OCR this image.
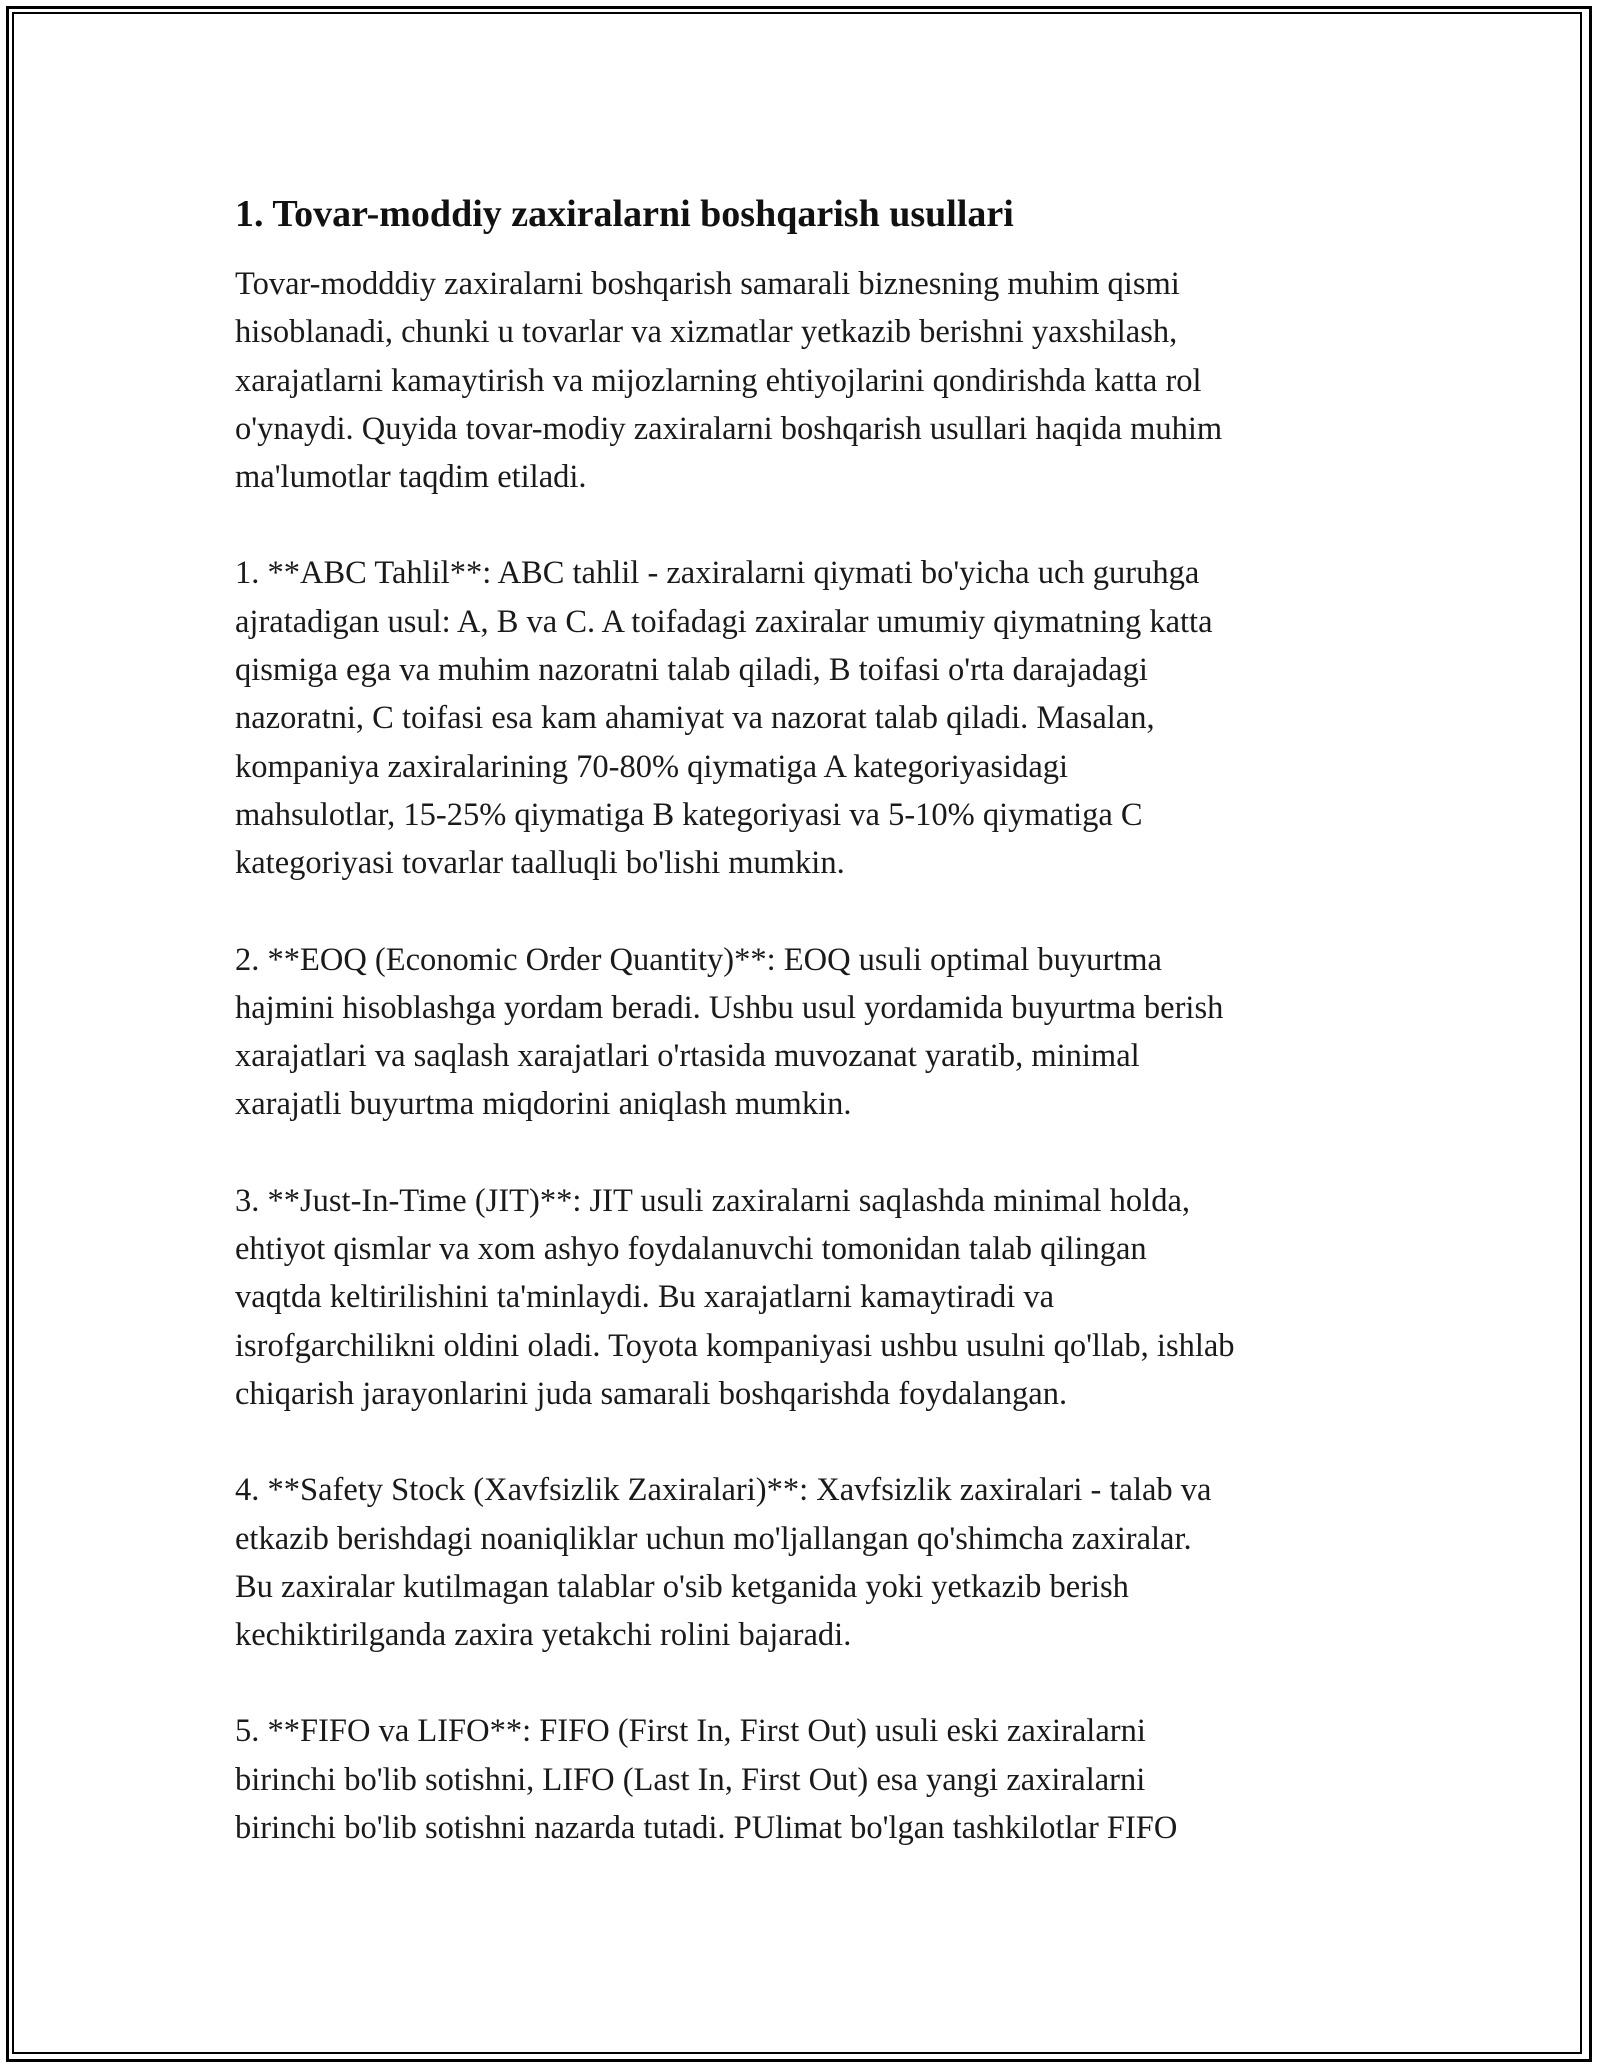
1. Tovar-moddiy zaxiralarni boshqarish usullari
Tovar-modddiy zaxiralarni boshqarish samarali biznesning muhim qismi
hisoblanadi, chunki u tovarlar va xizmatlar yetkazib berishni yaxshilash,
xarajatlarni kamaytirish va mijozlarning ehtiyojlarini qondirishda katta rol
o'ynaydi. Quyida tovar-modiy zaxiralarni boshqarish usullari haqida muhim
ma'lumotlar taqdim etiladi.
1. **ABC Tahlil**: ABC tahlil - zaxiralarni qiymati bo'yicha uch guruhga
ajratadigan usul: A, B va C. A toifadagi zaxiralar umumiy qiymatning katta
qismiga ega va muhim nazoratni talab qiladi, B toifasi o'rta darajadagi
nazoratni, C toifasi esa kam ahamiyat va nazorat talab qiladi. Masalan,
kompaniya zaxiralarining 70-80% qiymatiga A kategoriyasidagi
mahsulotlar, 15-25% qiymatiga B kategoriyasi va 5-10% qiymatiga C
kategoriyasi tovarlar taalluqli bo'lishi mumkin.
2. **EOQ (Economic Order Quantity)**: EOQ usuli optimal buyurtma
hajmini hisoblashga yordam beradi. Ushbu usul yordamida buyurtma berish
xarajatlari va saqlash xarajatlari o'rtasida muvozanat yaratib, minimal
xarajatli buyurtma miqdorini aniqlash mumkin.
3. **Just-In-Time (JIT)**: JIT usuli zaxiralarni saqlashda minimal holda,
ehtiyot qismlar va xom ashyo foydalanuvchi tomonidan talab qilingan
vaqtda keltirilishini ta'minlaydi. Bu xarajatlarni kamaytiradi va
isrofgarchilikni oldini oladi. Toyota kompaniyasi ushbu usulni qo'llab, ishlab
chiqarish jarayonlarini juda samarali boshqarishda foydalangan.
4. **Safety Stock (Xavfsizlik Zaxiralari)**: Xavfsizlik zaxiralari - talab va
etkazib berishdagi noaniqliklar uchun mo'ljallangan qo'shimcha zaxiralar.
Bu zaxiralar kutilmagan talablar o'sib ketganida yoki yetkazib berish
kechiktirilganda zaxira yetakchi rolini bajaradi.
5. **FIFO va LIFO**: FIFO (First In, First Out) usuli eski zaxiralarni
birinchi bo'lib sotishni, LIFO (Last In, First Out) esa yangi zaxiralarni
birinchi bo'lib sotishni nazarda tutadi. PUlimat bo'lgan tashkilotlar FIFO
